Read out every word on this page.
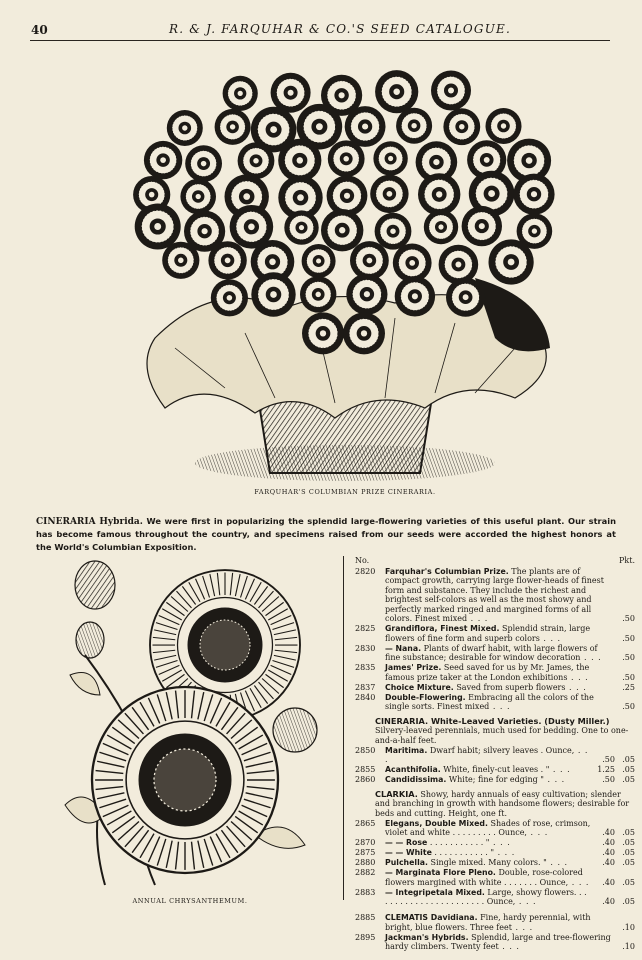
40	R. & J. FARQUHAR & CO.'S SEED CATALOGUE.
FARQUHAR'S COLUMBIAN PRIZE CINERARIA.
CINERARIA Hybrida. We were first in popularizing the splendid large-flowering varieties of this useful plant. Our strain has become famous throughout the country, and specimens raised from our seeds were accorded the highest honors at the World's Columbian Exposition.
ANNUAL CHRYSANTHEMUM.
No.	Pkt.
2820	Farquhar's Columbian Prize. The plants are of compact growth, carrying large flower-heads of finest form and substance. They include the richest and brightest self-colors as well as the most showy and perfectly marked ringed and margined forms of all colors. Finest mixed . . .	.50
2825	Grandiflora, Finest Mixed. Splendid strain, large flowers of fine form and superb colors . . .	.50
2830	— Nana. Plants of dwarf habit, with large flowers of fine substance; desirable for window decoration . . .	.50
2835	James' Prize. Seed saved for us by Mr. James, the famous prize taker at the London exhibitions . . .	.50
2837	Choice Mixture. Saved from superb flowers . . .	.25
2840	Double-Flowering. Embracing all the colors of the single sorts. Finest mixed . . .	.50
CINERARIA. White-Leaved Varieties. (Dusty Miller.) Silvery-leaved perennials, much used for bedding. One to one-and-a-half feet.
2850	Maritima. Dwarf habit; silvery leaves . Ounce, . . .	.50 .05
2855	Acanthifolia. White, finely-cut leaves . " . . .	1.25 .05
2860	Candidissima. White; fine for edging " . . .	.50 .05
CLARKIA. Showy, hardy annuals of easy cultivation; slender and branching in growth with handsome flowers; desirable for beds and cutting. Height, one ft.
2865	Elegans, Double Mixed. Shades of rose, crimson, violet and white . . . . . . . . . Ounce, . . .	.40 .05
2870	— — Rose . . . . . . . . . . . " . . .	.40 .05
2875	— — White . . . . . . . . . . . " . . .	.40 .05
2880	Pulchella. Single mixed. Many colors. " . . .	.40 .05
2882	— Marginata Flore Pleno. Double, rose-colored flowers margined with white . . . . . . . Ounce, . . .	.40 .05
2883	— Integripetala Mixed. Large, showy flowers. . . . . . . . . . . . . . . . . . . . . . . Ounce, . . .	.40 .05
2885	CLEMATIS Davidiana. Fine, hardy perennial, with bright, blue flowers. Three feet . . .	.10
2895	Jackman's Hybrids. Splendid, large and tree-flowering hardy climbers. Twenty feet . . .	.10
